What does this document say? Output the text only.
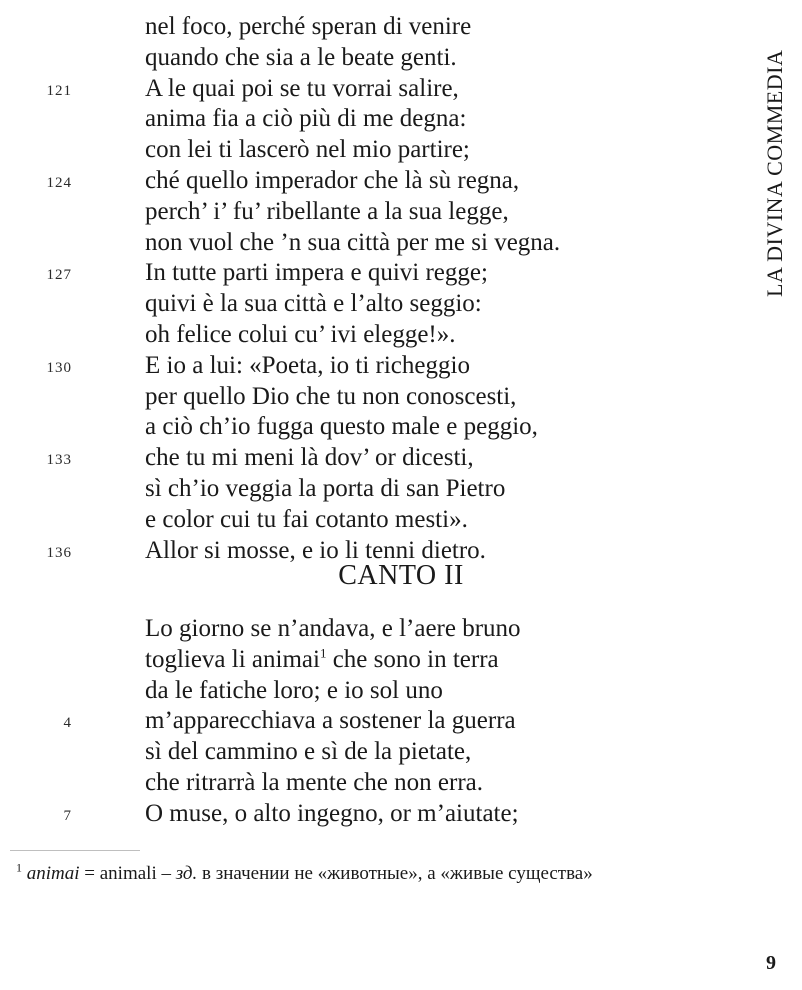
LA DIVINA COMMEDIA
nel foco, perché speran di venire
quando che sia a le beate genti.
121	A le quai poi se tu vorrai salire,
anima fia a ciò più di me degna:
con lei ti lascerò nel mio partire;
124	ché quello imperador che là sù regna,
perch’ i’ fu’ ribellante a la sua legge,
non vuol che ’n sua città per me si vegna.
127	In tutte parti impera e quivi regge;
quivi è la sua città e l’alto seggio:
oh felice colui cu’ ivi elegge!».
130	E io a lui: «Poeta, io ti richeggio
per quello Dio che tu non conoscesti,
a ciò ch’io fugga questo male e peggio,
133	che tu mi meni là dov’ or dicesti,
sì ch’io veggia la porta di san Pietro
e color cui tu fai cotanto mesti».
136	Allor si mosse, e io li tenni dietro.
CANTO II
Lo giorno se n’andava, e l’aere bruno
toglieva li animai$^1$ che sono in terra
da le fatiche loro; e io sol uno
4	m’apparecchiava a sostener la guerra
sì del cammino e sì de la pietate,
che ritrarrà la mente che non erra.
7	O muse, o alto ingegno, or m’aiutate;
$^1$ animai = animali – зд. в значении не «животные», а «живые существа»
9
